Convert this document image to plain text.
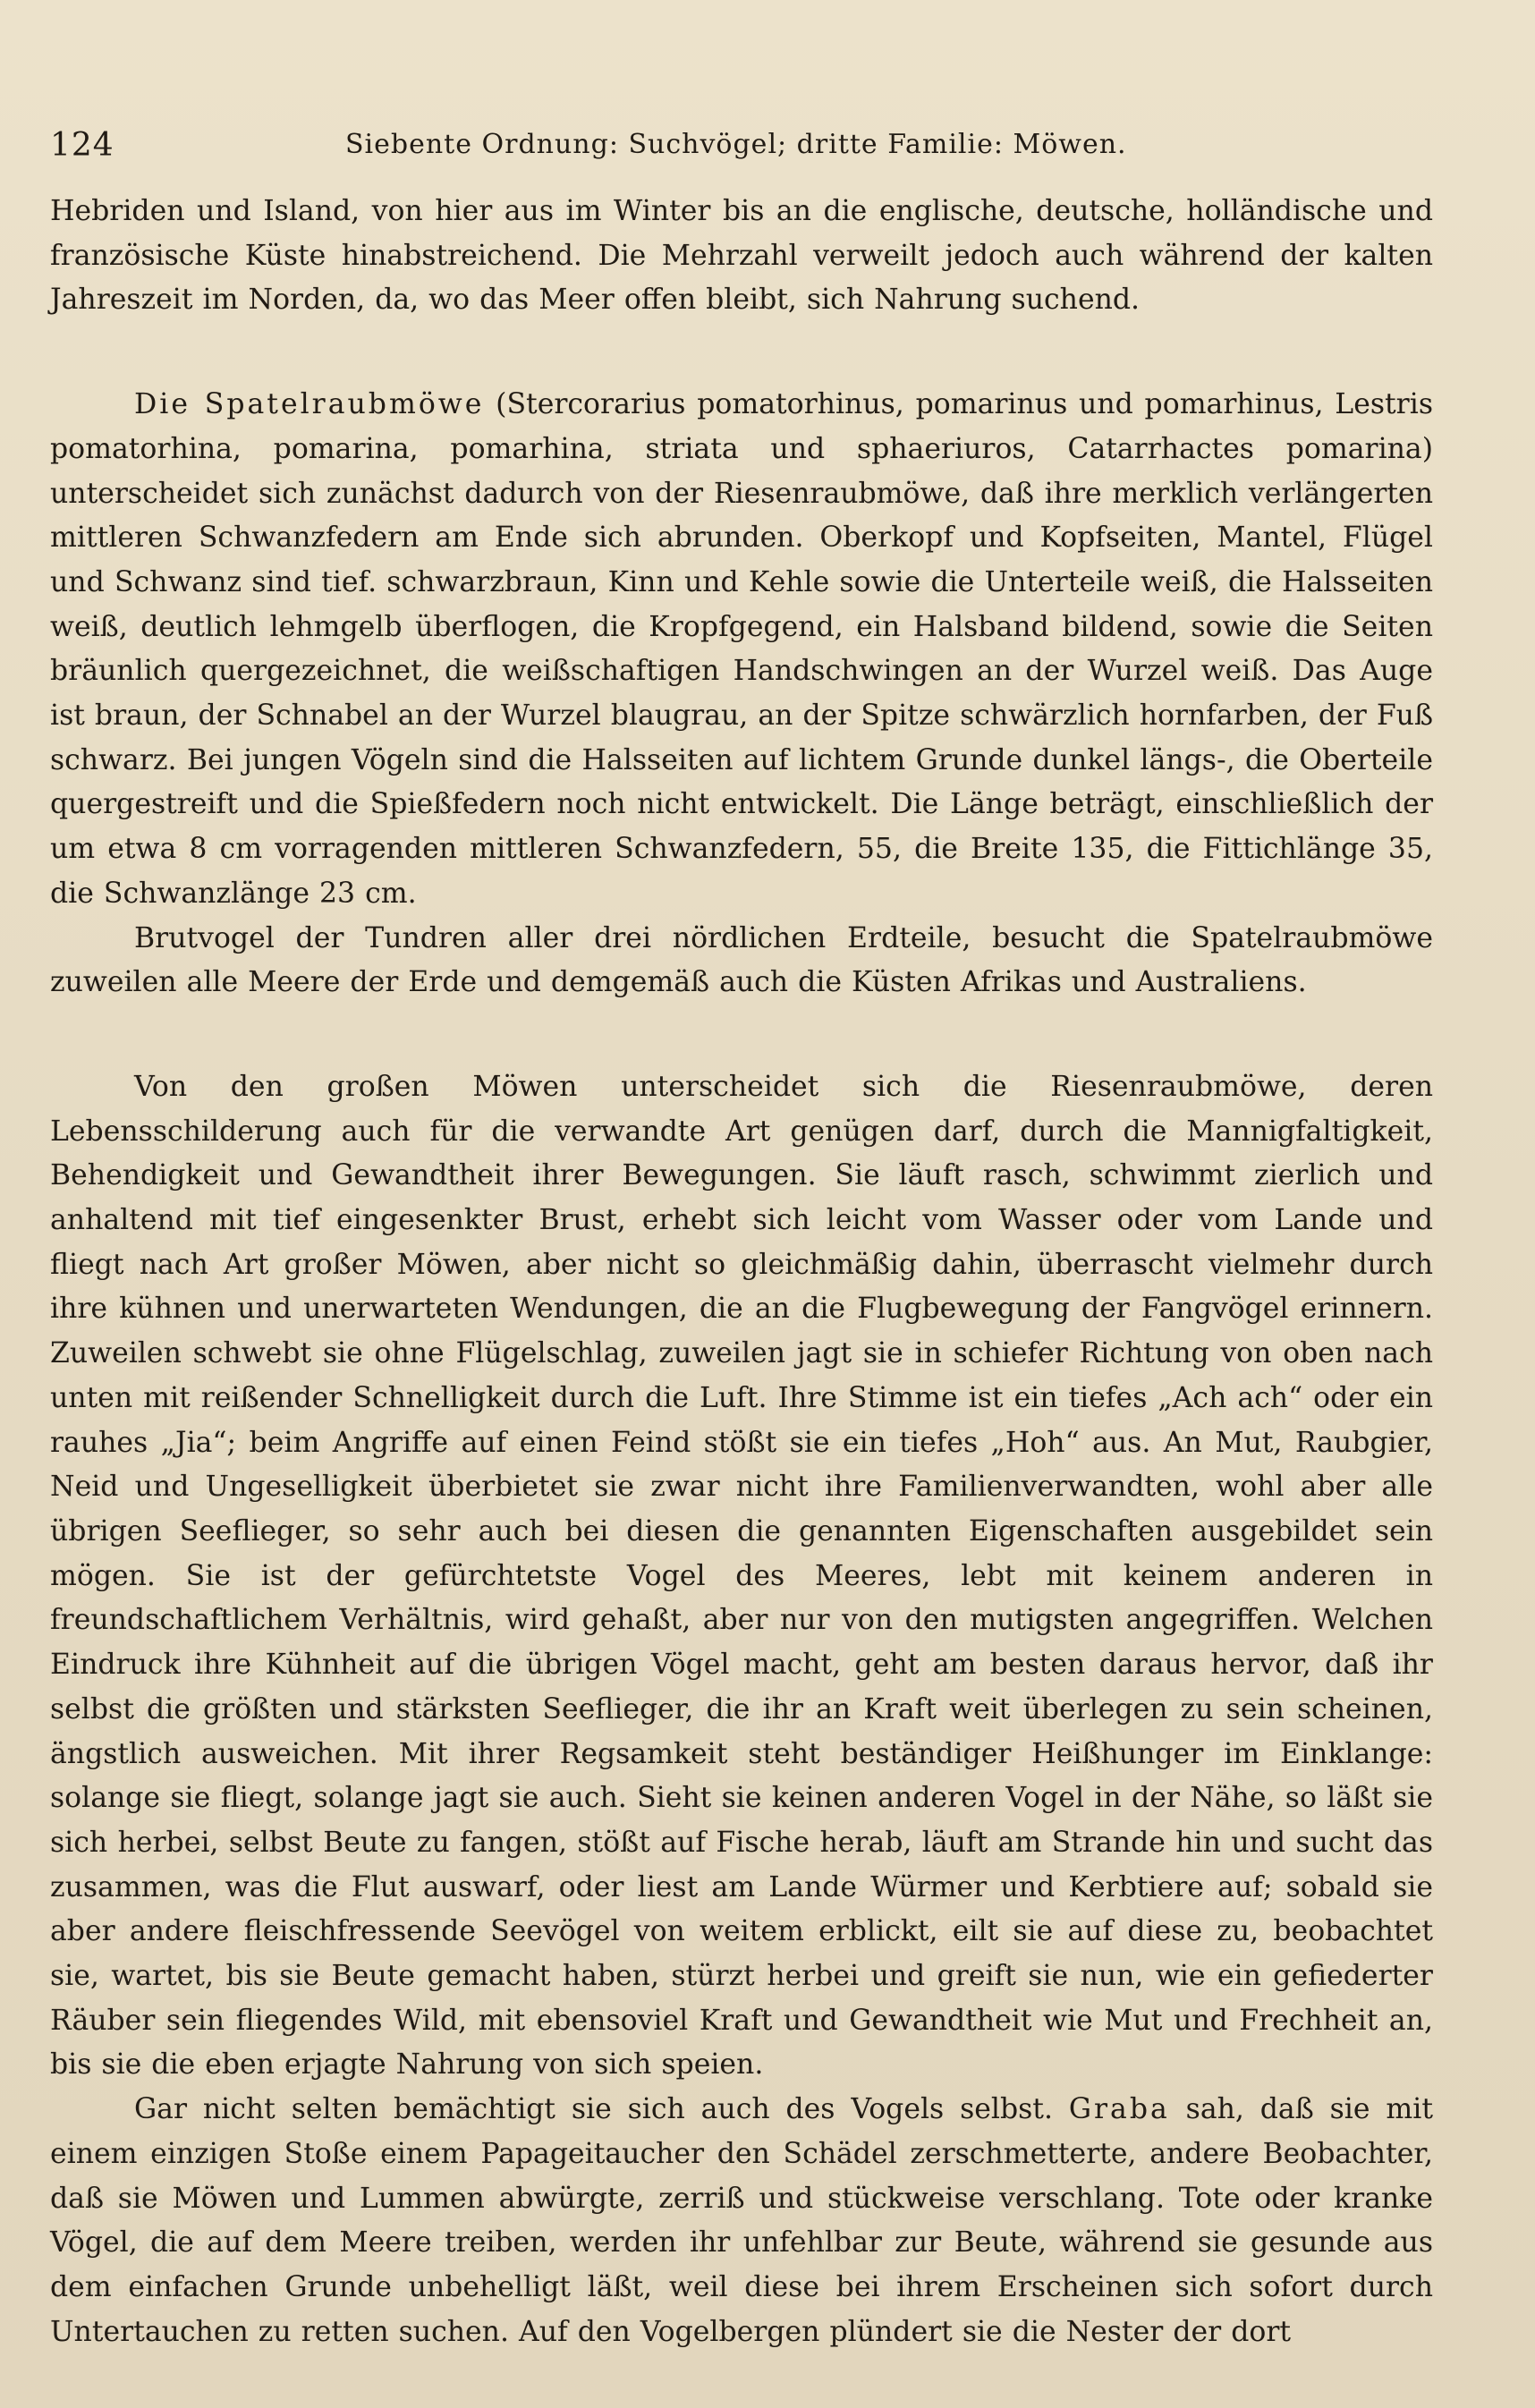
124	Siebente Ordnung: Suchvögel; dritte Familie: Möwen.

Hebriden und Island, von hier aus im Winter bis an die englische, deutsche, holländische und französische Küste hinabstreichend. Die Mehrzahl verweilt jedoch auch während der kalten Jahreszeit im Norden, da, wo das Meer offen bleibt, sich Nahrung suchend.

Die Spatelraubmöwe (Stercorarius pomatorhinus, pomarinus und pomarhinus, Lestris pomatorhina, pomarina, pomarhina, striata und sphaeriuros, Catarrhactes pomarina) unterscheidet sich zunächst dadurch von der Riesenraubmöwe, daß ihre merklich verlängerten mittleren Schwanzfedern am Ende sich abrunden. Oberkopf und Kopfseiten, Mantel, Flügel und Schwanz sind tief. schwarzbraun, Kinn und Kehle sowie die Unterteile weiß, die Halsseiten weiß, deutlich lehmgelb überflogen, die Kropfgegend, ein Halsband bildend, sowie die Seiten bräunlich quergezeichnet, die weißschaftigen Handschwingen an der Wurzel weiß. Das Auge ist braun, der Schnabel an der Wurzel blaugrau, an der Spitze schwärzlich hornfarben, der Fuß schwarz. Bei jungen Vögeln sind die Halsseiten auf lichtem Grunde dunkel längs-, die Oberteile quergestreift und die Spießfedern noch nicht entwickelt. Die Länge beträgt, einschließlich der um etwa 8 cm vorragenden mittleren Schwanzfedern, 55, die Breite 135, die Fittichlänge 35, die Schwanzlänge 23 cm.

Brutvogel der Tundren aller drei nördlichen Erdteile, besucht die Spatelraubmöwe zuweilen alle Meere der Erde und demgemäß auch die Küsten Afrikas und Australiens.

Von den großen Möwen unterscheidet sich die Riesenraubmöwe, deren Lebensschilderung auch für die verwandte Art genügen darf, durch die Mannigfaltigkeit, Behendigkeit und Gewandtheit ihrer Bewegungen. Sie läuft rasch, schwimmt zierlich und anhaltend mit tief eingesenkter Brust, erhebt sich leicht vom Wasser oder vom Lande und fliegt nach Art großer Möwen, aber nicht so gleichmäßig dahin, überrascht vielmehr durch ihre kühnen und unerwarteten Wendungen, die an die Flugbewegung der Fangvögel erinnern. Zuweilen schwebt sie ohne Flügelschlag, zuweilen jagt sie in schiefer Richtung von oben nach unten mit reißender Schnelligkeit durch die Luft. Ihre Stimme ist ein tiefes „Ach ach“ oder ein rauhes „Jia“; beim Angriffe auf einen Feind stößt sie ein tiefes „Hoh“ aus. An Mut, Raubgier, Neid und Ungeselligkeit überbietet sie zwar nicht ihre Familienverwandten, wohl aber alle übrigen Seeflieger, so sehr auch bei diesen die genannten Eigenschaften ausgebildet sein mögen. Sie ist der gefürchtetste Vogel des Meeres, lebt mit keinem anderen in freundschaftlichem Verhältnis, wird gehaßt, aber nur von den mutigsten angegriffen. Welchen Eindruck ihre Kühnheit auf die übrigen Vögel macht, geht am besten daraus hervor, daß ihr selbst die größten und stärksten Seeflieger, die ihr an Kraft weit überlegen zu sein scheinen, ängstlich ausweichen. Mit ihrer Regsamkeit steht beständiger Heißhunger im Einklange: solange sie fliegt, solange jagt sie auch. Sieht sie keinen anderen Vogel in der Nähe, so läßt sie sich herbei, selbst Beute zu fangen, stößt auf Fische herab, läuft am Strande hin und sucht das zusammen, was die Flut auswarf, oder liest am Lande Würmer und Kerbtiere auf; sobald sie aber andere fleischfressende Seevögel von weitem erblickt, eilt sie auf diese zu, beobachtet sie, wartet, bis sie Beute gemacht haben, stürzt herbei und greift sie nun, wie ein gefiederter Räuber sein fliegendes Wild, mit ebensoviel Kraft und Gewandtheit wie Mut und Frechheit an, bis sie die eben erjagte Nahrung von sich speien.

Gar nicht selten bemächtigt sie sich auch des Vogels selbst. Graba sah, daß sie mit einem einzigen Stoße einem Papageitaucher den Schädel zerschmetterte, andere Beobachter, daß sie Möwen und Lummen abwürgte, zerriß und stückweise verschlang. Tote oder kranke Vögel, die auf dem Meere treiben, werden ihr unfehlbar zur Beute, während sie gesunde aus dem einfachen Grunde unbehelligt läßt, weil diese bei ihrem Erscheinen sich sofort durch Untertauchen zu retten suchen. Auf den Vogelbergen plündert sie die Nester der dort
